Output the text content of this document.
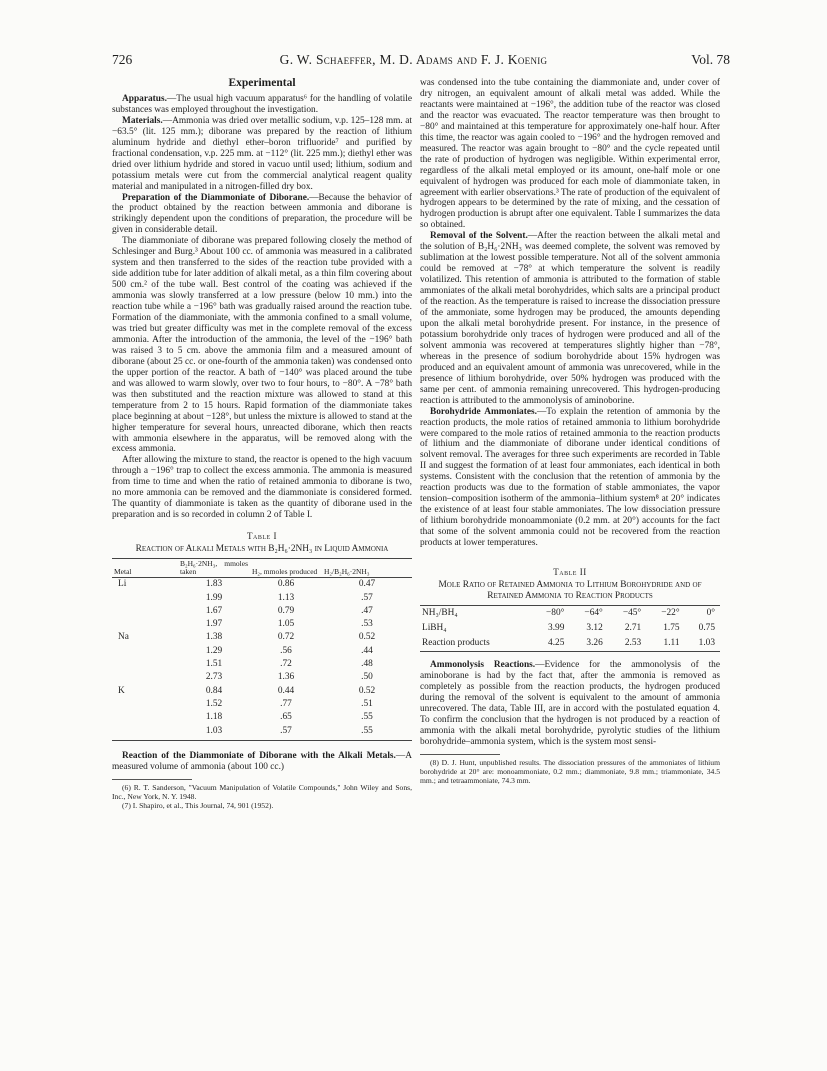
726	G. W. Schaeffer, M. D. Adams and F. J. Koenig	Vol. 78
Experimental

Apparatus.—The usual high vacuum apparatus⁶ for the handling of volatile substances was employed throughout the investigation.

Materials.—Ammonia was dried over metallic sodium, v.p. 125–128 mm. at −63.5° (lit. 125 mm.); diborane was prepared by the reaction of lithium aluminum hydride and diethyl ether–boron trifluoride⁷ and purified by fractional condensation, v.p. 225 mm. at −112° (lit. 225 mm.); diethyl ether was dried over lithium hydride and stored in vacuo until used; lithium, sodium and potassium metals were cut from the commercial analytical reagent quality material and manipulated in a nitrogen-filled dry box.

Preparation of the Diammoniate of Diborane.—Because the behavior of the product obtained by the reaction between ammonia and diborane is strikingly dependent upon the conditions of preparation, the procedure will be given in considerable detail.

The diammoniate of diborane was prepared following closely the method of Schlesinger and Burg.³ About 100 cc. of ammonia was measured in a calibrated system and then transferred to the sides of the reaction tube provided with a side addition tube for later addition of alkali metal, as a thin film covering about 500 cm.² of the tube wall. Best control of the coating was achieved if the ammonia was slowly transferred at a low pressure (below 10 mm.) into the reaction tube while a −196° bath was gradually raised around the reaction tube. Formation of the diammoniate, with the ammonia confined to a small volume, was tried but greater difficulty was met in the complete removal of the excess ammonia. After the introduction of the ammonia, the level of the −196° bath was raised 3 to 5 cm. above the ammonia film and a measured amount of diborane (about 25 cc. or one-fourth of the ammonia taken) was condensed onto the upper portion of the reactor. A bath of −140° was placed around the tube and was allowed to warm slowly, over two to four hours, to −80°. A −78° bath was then substituted and the reaction mixture was allowed to stand at this temperature from 2 to 15 hours. Rapid formation of the diammoniate takes place beginning at about −128°, but unless the mixture is allowed to stand at the higher temperature for several hours, unreacted diborane, which then reacts with ammonia elsewhere in the apparatus, will be removed along with the excess ammonia.

After allowing the mixture to stand, the reactor is opened to the high vacuum through a −196° trap to collect the excess ammonia. The ammonia is measured from time to time and when the ratio of retained ammonia to diborane is two, no more ammonia can be removed and the diammoniate is considered formed. The quantity of diammoniate is taken as the quantity of diborane used in the preparation and is so recorded in column 2 of Table I.

Table I
Reaction of Alkali Metals with B₂H₆·2NH₃ in Liquid Ammonia
Metal	B₂H₆·2NH₃, mmoles taken	H₂, mmoles produced	H₂/B₂H₆·2NH₃
Li	1.83	0.86	0.47
	1.99	1.13	.57
	1.67	0.79	.47
	1.97	1.05	.53
Na	1.38	0.72	0.52
	1.29	.56	.44
	1.51	.72	.48
	2.73	1.36	.50
K	0.84	0.44	0.52
	1.52	.77	.51
	1.18	.65	.55
	1.03	.57	.55

Reaction of the Diammoniate of Diborane with the Alkali Metals.—A measured volume of ammonia (about 100 cc.)

(6) R. T. Sanderson, "Vacuum Manipulation of Volatile Compounds," John Wiley and Sons, Inc., New York, N. Y. 1948.

(7) I. Shapiro, et al., This Journal, 74, 901 (1952).

was condensed into the tube containing the diammoniate and, under cover of dry nitrogen, an equivalent amount of alkali metal was added. While the reactants were maintained at −196°, the addition tube of the reactor was closed and the reactor was evacuated. The reactor temperature was then brought to −80° and maintained at this temperature for approximately one-half hour. After this time, the reactor was again cooled to −196° and the hydrogen removed and measured. The reactor was again brought to −80° and the cycle repeated until the rate of production of hydrogen was negligible. Within experimental error, regardless of the alkali metal employed or its amount, one-half mole or one equivalent of hydrogen was produced for each mole of diammoniate taken, in agreement with earlier observations.³ The rate of production of the equivalent of hydrogen appears to be determined by the rate of mixing, and the cessation of hydrogen production is abrupt after one equivalent. Table I summarizes the data so obtained.

Removal of the Solvent.—After the reaction between the alkali metal and the solution of B₂H₆·2NH₃ was deemed complete, the solvent was removed by sublimation at the lowest possible temperature. Not all of the solvent ammonia could be removed at −78° at which temperature the solvent is readily volatilized. This retention of ammonia is attributed to the formation of stable ammoniates of the alkali metal borohydrides, which salts are a principal product of the reaction. As the temperature is raised to increase the dissociation pressure of the ammoniate, some hydrogen may be produced, the amounts depending upon the alkali metal borohydride present. For instance, in the presence of potassium borohydride only traces of hydrogen were produced and all of the solvent ammonia was recovered at temperatures slightly higher than −78°, whereas in the presence of sodium borohydride about 15% hydrogen was produced and an equivalent amount of ammonia was unrecovered, while in the presence of lithium borohydride, over 50% hydrogen was produced with the same per cent. of ammonia remaining unrecovered. This hydrogen-producing reaction is attributed to the ammonolysis of aminoborine.

Borohydride Ammoniates.—To explain the retention of ammonia by the reaction products, the mole ratios of retained ammonia to lithium borohydride were compared to the mole ratios of retained ammonia to the reaction products of lithium and the diammoniate of diborane under identical conditions of solvent removal. The averages for three such experiments are recorded in Table II and suggest the formation of at least four ammoniates, each identical in both systems. Consistent with the conclusion that the retention of ammonia by the reaction products was due to the formation of stable ammoniates, the vapor tension–composition isotherm of the ammonia–lithium system⁸ at 20° indicates the existence of at least four stable ammoniates. The low dissociation pressure of lithium borohydride monoammoniate (0.2 mm. at 20°) accounts for the fact that some of the solvent ammonia could not be recovered from the reaction products at lower temperatures.

Table II
Mole Ratio of Retained Ammonia to Lithium Borohydride and of Retained Ammonia to Reaction Products
NH₃/BH₄	−80°	−64°	−45°	−22°	0°
LiBH₄	3.99	3.12	2.71	1.75	0.75
Reaction products	4.25	3.26	2.53	1.11	1.03

Ammonolysis Reactions.—Evidence for the ammonolysis of the aminoborane is had by the fact that, after the ammonia is removed as completely as possible from the reaction products, the hydrogen produced during the removal of the solvent is equivalent to the amount of ammonia unrecovered. The data, Table III, are in accord with the postulated equation 4. To confirm the conclusion that the hydrogen is not produced by a reaction of ammonia with the alkali metal borohydride, pyrolytic studies of the lithium borohydride–ammonia system, which is the system most sensi-

(8) D. J. Hunt, unpublished results. The dissociation pressures of the ammoniates of lithium borohydride at 20° are: monoammoniate, 0.2 mm.; diammoniate, 9.8 mm.; triammoniate, 34.5 mm.; and tetraammoniate, 74.3 mm.
